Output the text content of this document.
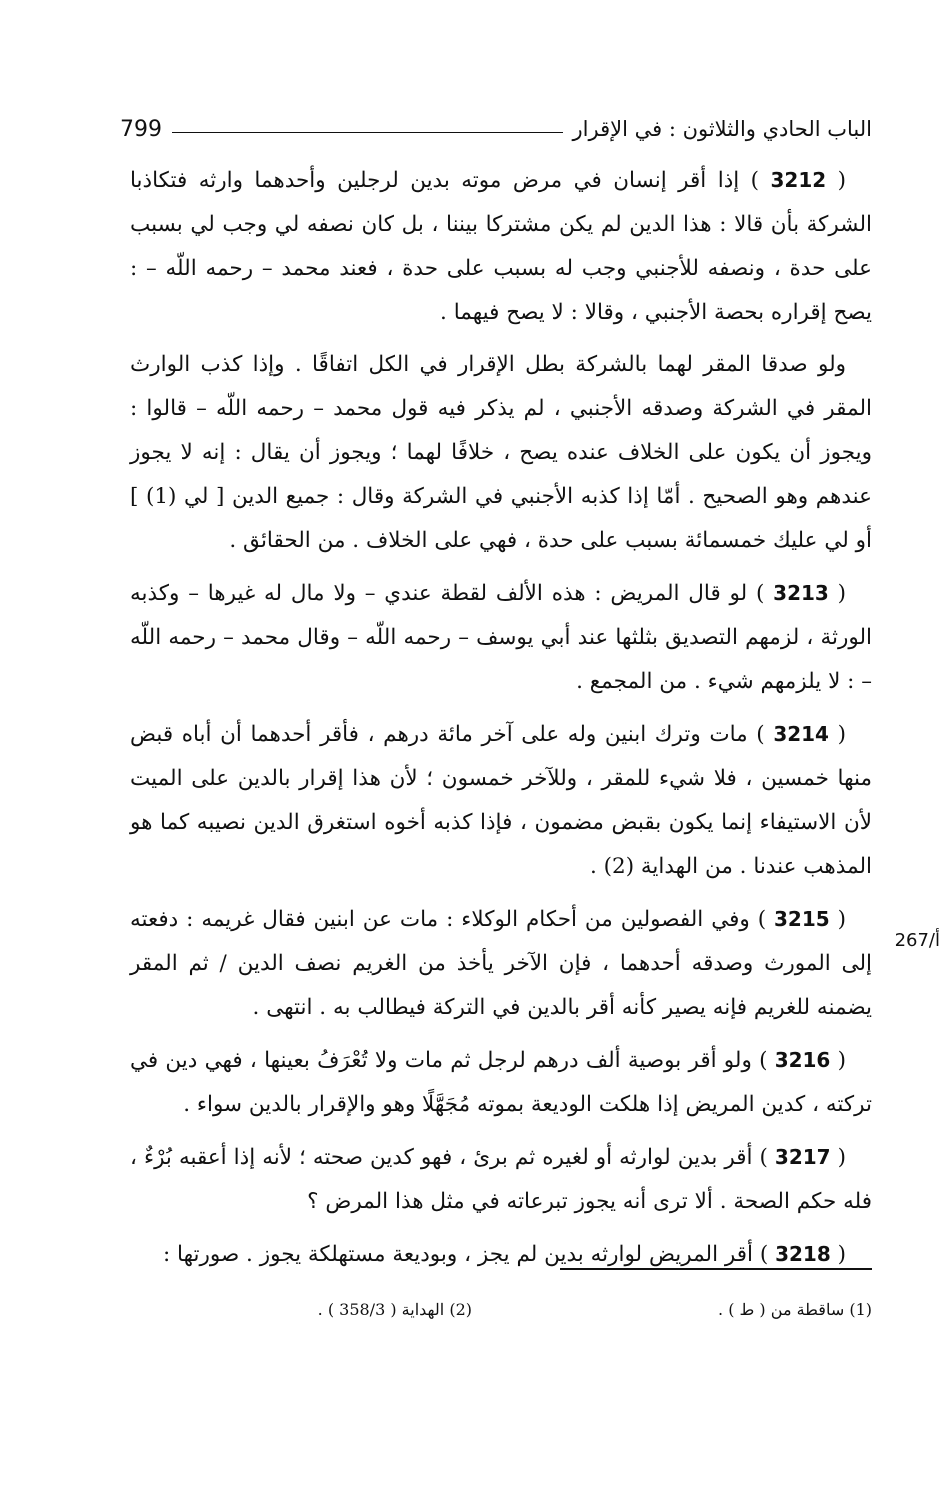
الباب الحادي والثلاثون : في الإقرار
799
267/أ

( 3212 ) إذا أقر إنسان في مرض موته بدين لرجلين وأحدهما وارثه فتكاذبا الشركة بأن قالا : هذا الدين لم يكن مشتركا بيننا ، بل كان نصفه لي وجب لي بسبب على حدة ، ونصفه للأجنبي وجب له بسبب على حدة ، فعند محمد – رحمه اللّه – : يصح إقراره بحصة الأجنبي ، وقالا : لا يصح فيهما .

ولو صدقا المقر لهما بالشركة بطل الإقرار في الكل اتفاقًا . وإذا كذب الوارث المقر في الشركة وصدقه الأجنبي ، لم يذكر فيه قول محمد – رحمه اللّه – قالوا : ويجوز أن يكون على الخلاف عنده يصح ، خلافًا لهما ؛ ويجوز أن يقال : إنه لا يجوز عندهم وهو الصحيح . أمّا إذا كذبه الأجنبي في الشركة وقال : جميع الدين [ لي (1) ] أو لي عليك خمسمائة بسبب على حدة ، فهي على الخلاف . من الحقائق .

( 3213 ) لو قال المريض : هذه الألف لقطة عندي – ولا مال له غيرها – وكذبه الورثة ، لزمهم التصديق بثلثها عند أبي يوسف – رحمه اللّه – وقال محمد – رحمه اللّه – : لا يلزمهم شيء . من المجمع .

( 3214 ) مات وترك ابنين وله على آخر مائة درهم ، فأقر أحدهما أن أباه قبض منها خمسين ، فلا شيء للمقر ، وللآخر خمسون ؛ لأن هذا إقرار بالدين على الميت لأن الاستيفاء إنما يكون بقبض مضمون ، فإذا كذبه أخوه استغرق الدين نصيبه كما هو المذهب عندنا . من الهداية (2) .

( 3215 ) وفي الفصولين من أحكام الوكلاء : مات عن ابنين فقال غريمه : دفعته إلى المورث وصدقه أحدهما ، فإن الآخر يأخذ من الغريم نصف الدين / ثم المقر يضمنه للغريم فإنه يصير كأنه أقر بالدين في التركة فيطالب به . انتهى .

( 3216 ) ولو أقر بوصية ألف درهم لرجل ثم مات ولا تُعْرَفُ بعينها ، فهي دين في تركته ، كدين المريض إذا هلكت الوديعة بموته مُجَهَّلًا وهو والإقرار بالدين سواء .

( 3217 ) أقر بدين لوارثه أو لغيره ثم برئ ، فهو كدين صحته ؛ لأنه إذا أعقبه بُرْءٌ ، فله حكم الصحة . ألا ترى أنه يجوز تبرعاته في مثل هذا المرض ؟

( 3218 ) أقر المريض لوارثه بدين لم يجز ، وبوديعة مستهلكة يجوز . صورتها :

(1) ساقطة من ( ط ) .
(2) الهداية ( 358/3 ) .
